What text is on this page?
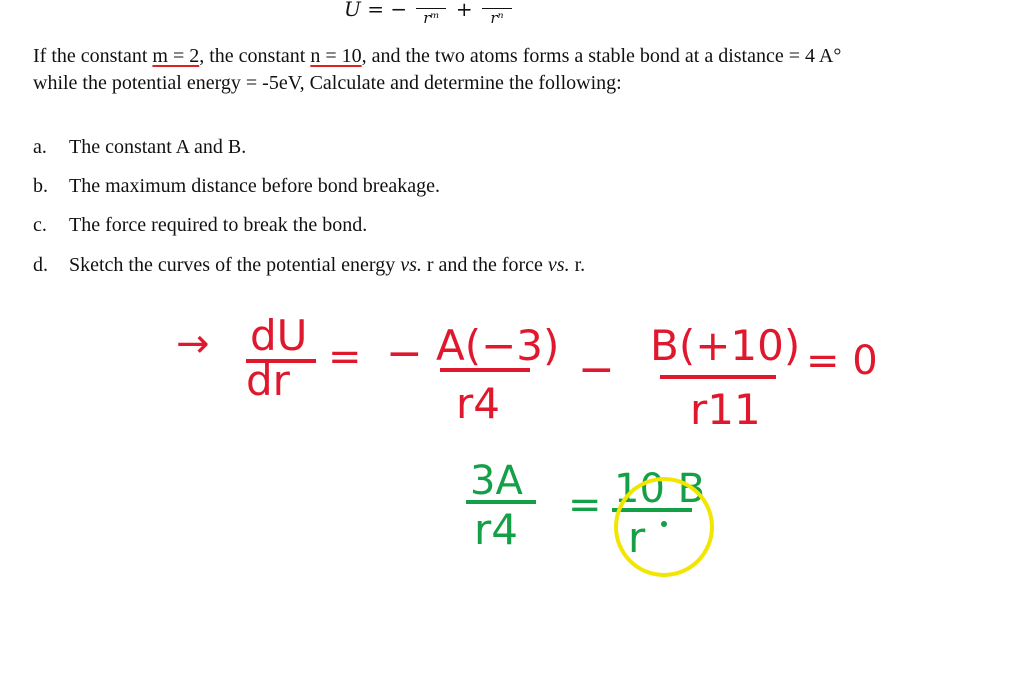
U = −	rᵐ +	rⁿ

If the constant m = 2, the constant n = 10, and the two atoms forms a stable bond at a distance = 4 A° while the potential energy = -5eV, Calculate and determine the following:

a. The constant A and B.
b. The maximum distance before bond breakage.
c. The force required to break the bond.
d. Sketch the curves of the potential energy vs. r and the force vs. r.
→ dU
dr = − A(−3)
r4
− B(+10)
r11
= 0
3A
r4 = 10 B
r
